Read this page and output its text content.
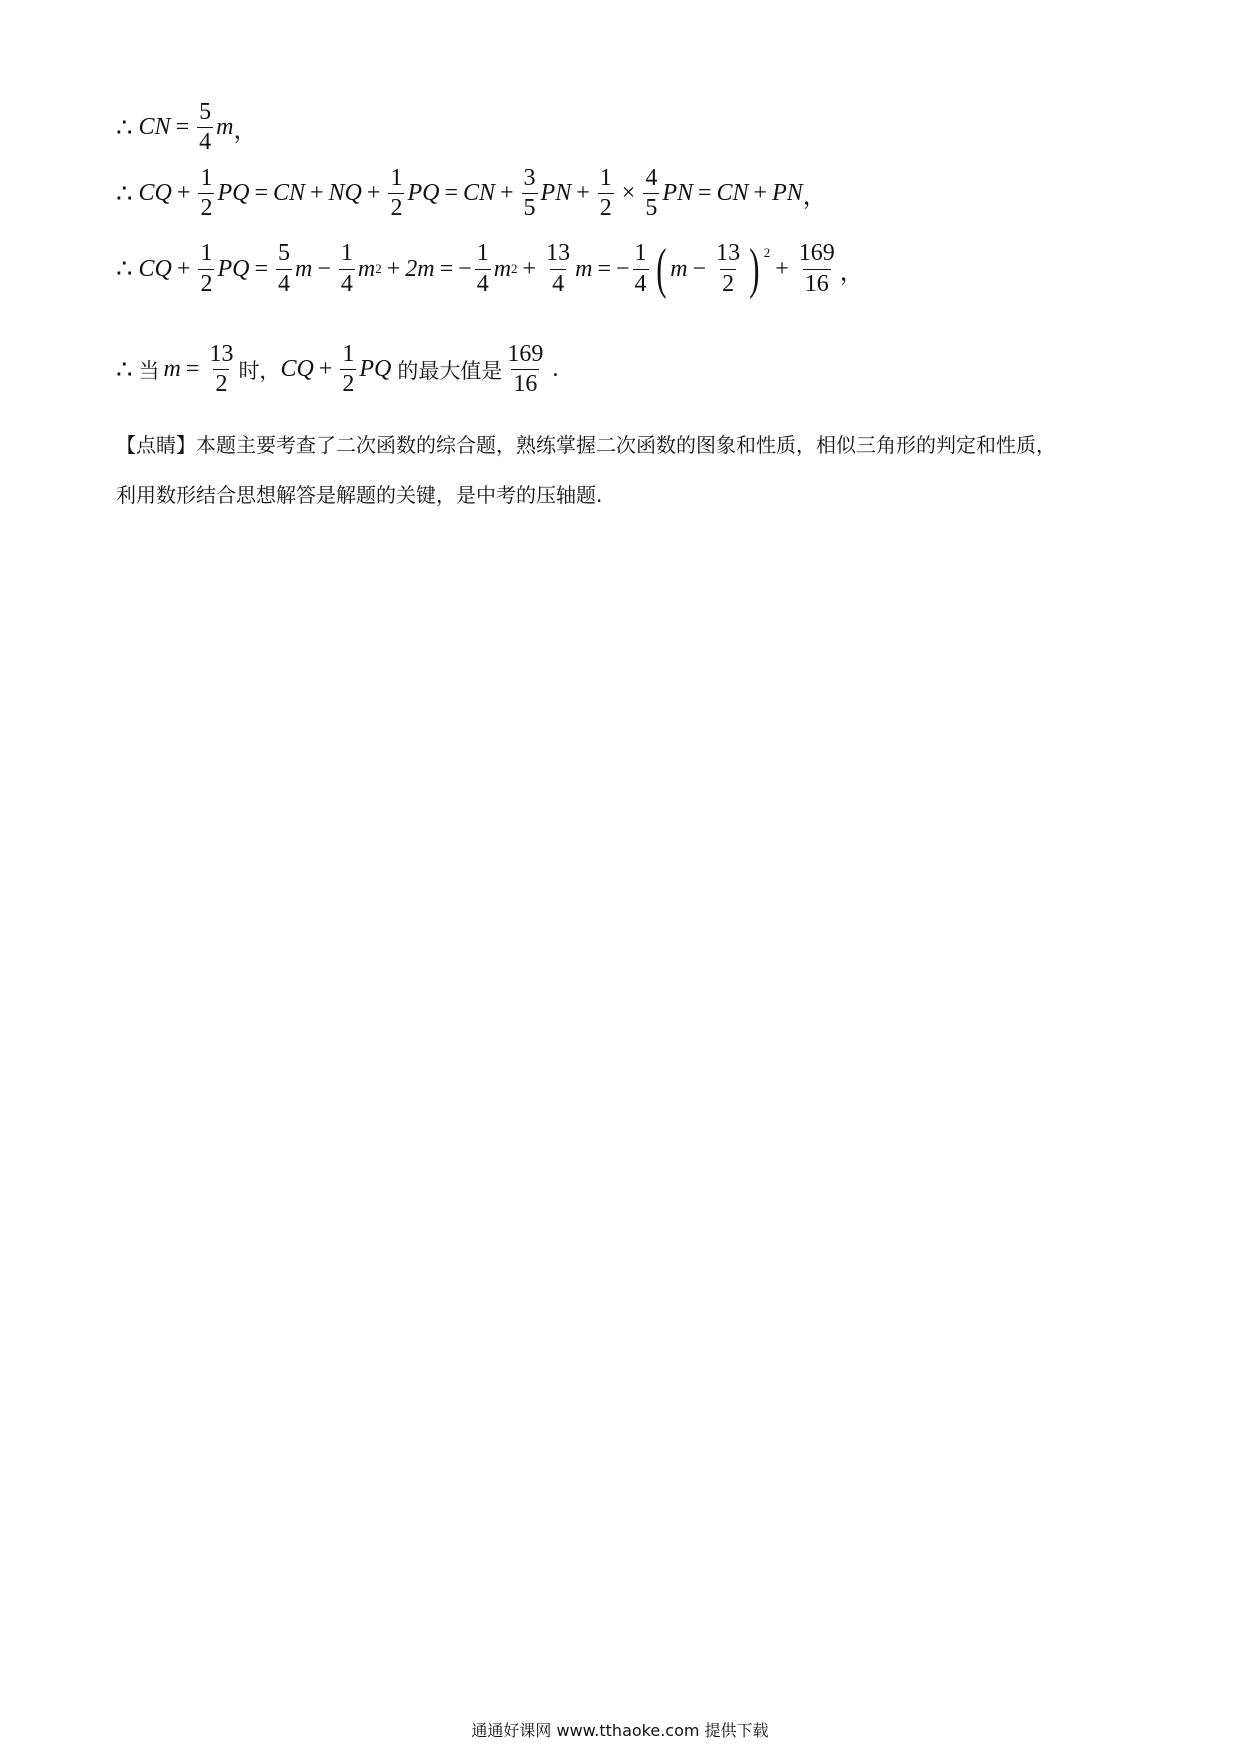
∴ CN = $\frac{5}{4}$ m ，
∴ CQ + $\frac{1}{2}$ PQ = CN + NQ + $\frac{1}{2}$ PQ = CN + $\frac{3}{5}$ PN + $\frac{1}{2} \times \frac{4}{5}$ PN = CN + PN ，
∴ CQ + $\frac{1}{2}$ PQ = $\frac{5}{4}$ $m - \frac{1}{4}$ m 2 + 2m = − $\frac{1}{4}$ m $2 + \frac{13}{4}$ m = − $\frac{1}{4}$ ( $m - \frac{13}{2}$ ) $^2$
+ $\frac{169}{16}$ ，
∴ 当 $m = \frac{13}{2}$ 时， CQ + $\frac{1}{2}$ PQ 的最大值是 $\frac{169}{16}$ .
【点睛】本题主要考查了二次函数的综合题，熟练掌握二次函数的图象和性质，相似三角形的判定和性质，
利用数形结合思想解答是解题的关键，是中考的压轴题.
通通好课网 www.tthaoke.com 提供下载
